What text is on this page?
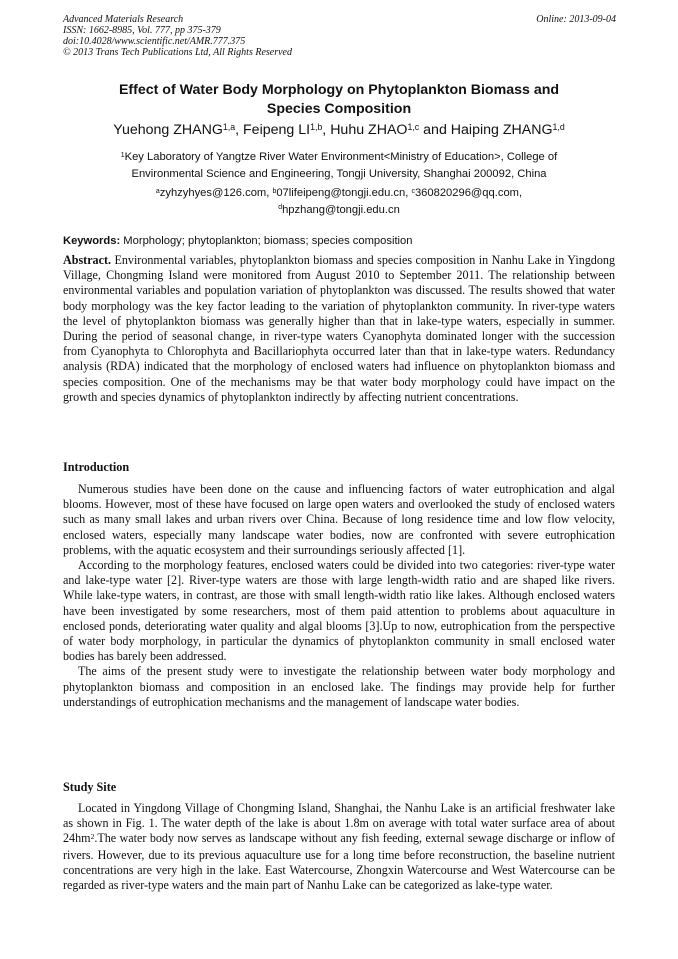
Advanced Materials Research
ISSN: 1662-8985, Vol. 777, pp 375-379
doi:10.4028/www.scientific.net/AMR.777.375
© 2013 Trans Tech Publications Ltd, All Rights Reserved
Online: 2013-09-04
Effect of Water Body Morphology on Phytoplankton Biomass and
Species Composition
Yuehong ZHANG$^{1,a}$, Feipeng LI$^{1,b}$, Huhu ZHAO$^{1,c}$ and Haiping ZHANG$^{1,d}$
$^1$Key Laboratory of Yangtze River Water Environment<Ministry of Education>, College of
Environmental Science and Engineering, Tongji University, Shanghai 200092, China
$^a$zyhzyhyes@126.com, $^b$07lifeipeng@tongji.edu.cn, $^c$360820296@qq.com,
$^d$hpzhang@tongji.edu.cn
Keywords: Morphology; phytoplankton; biomass; species composition

Abstract. Environmental variables, phytoplankton biomass and species composition in Nanhu Lake in Yingdong Village, Chongming Island were monitored from August 2010 to September 2011. The relationship between environmental variables and population variation of phytoplankton was discussed. The results showed that water body morphology was the key factor leading to the variation of phytoplankton community. In river-type waters the level of phytoplankton biomass was generally higher than that in lake-type waters, especially in summer. During the period of seasonal change, in river-type waters Cyanophyta dominated longer with the succession from Cyanophyta to Chlorophyta and Bacillariophyta occurred later than that in lake-type waters. Redundancy analysis (RDA) indicated that the morphology of enclosed waters had influence on phytoplankton biomass and species composition. One of the mechanisms may be that water body morphology could have impact on the growth and species dynamics of phytoplankton indirectly by affecting nutrient concentrations.

Introduction

Numerous studies have been done on the cause and influencing factors of water eutrophication and algal blooms. However, most of these have focused on large open waters and overlooked the study of enclosed waters such as many small lakes and urban rivers over China. Because of long residence time and low flow velocity, enclosed waters, especially many landscape water bodies, now are confronted with severe eutrophication problems, with the aquatic ecosystem and their surroundings seriously affected [1].

According to the morphology features, enclosed waters could be divided into two categories: river-type water and lake-type water [2]. River-type waters are those with large length-width ratio and are shaped like rivers. While lake-type waters, in contrast, are those with small length-width ratio like lakes. Although enclosed waters have been investigated by some researchers, most of them paid attention to problems about aquaculture in enclosed ponds, deteriorating water quality and algal blooms [3].Up to now, eutrophication from the perspective of water body morphology, in particular the dynamics of phytoplankton community in small enclosed water bodies has barely been addressed.

The aims of the present study were to investigate the relationship between water body morphology and phytoplankton biomass and composition in an enclosed lake. The findings may provide help for further understandings of eutrophication mechanisms and the management of landscape water bodies.

Study Site

Located in Yingdong Village of Chongming Island, Shanghai, the Nanhu Lake is an artificial freshwater lake as shown in Fig. 1. The water depth of the lake is about 1.8m on average with total water surface area of about $24hm^2.The$ water body now serves as landscape without any fish feeding, external sewage discharge or inflow of rivers. However, due to its previous aquaculture use for a long time before reconstruction, the baseline nutrient concentrations are very high in the lake. East Watercourse, Zhongxin Watercourse and West Watercourse can be regarded as river-type waters and the main part of Nanhu Lake can be categorized as lake-type water.
